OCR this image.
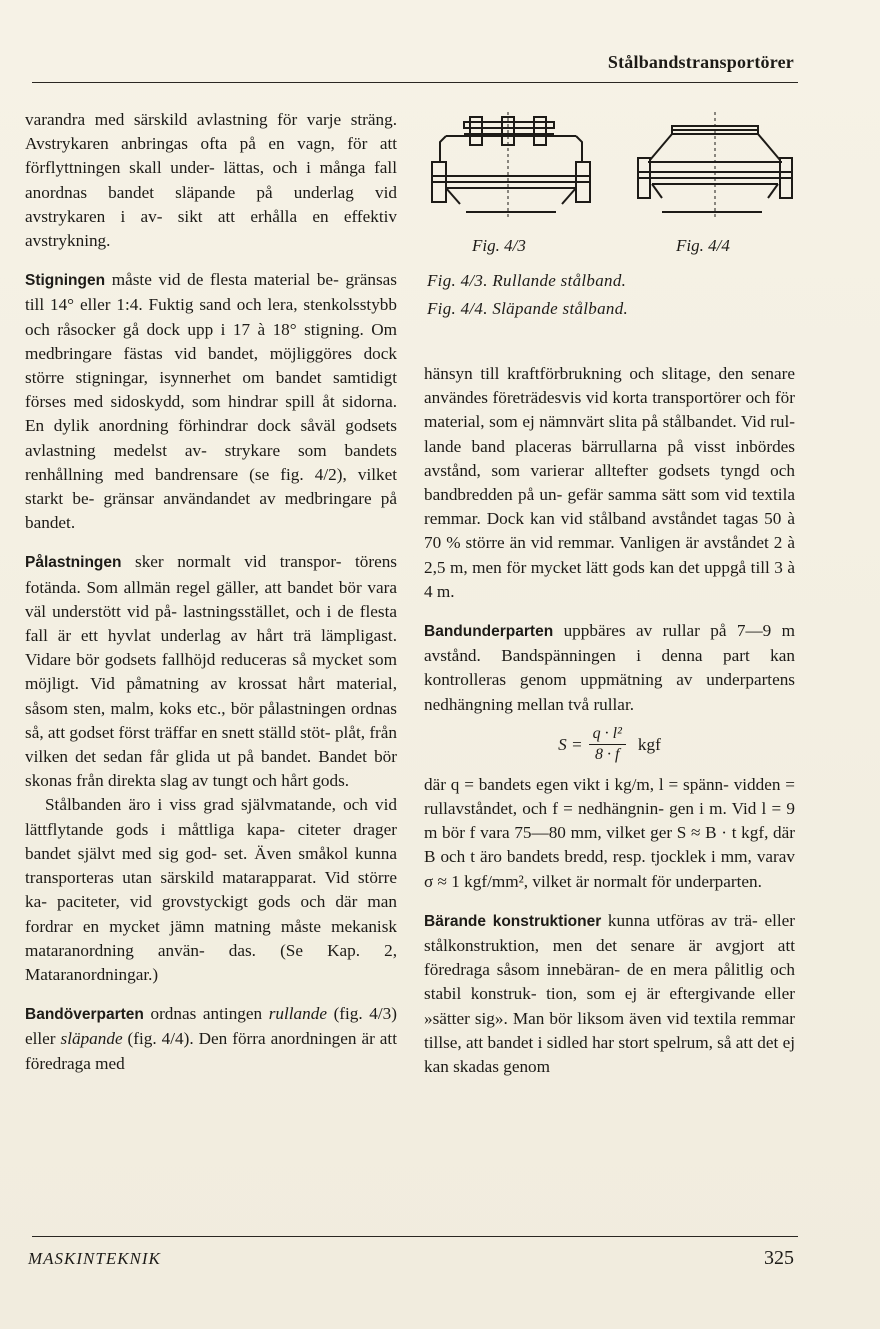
Stålbandstransportörer

varandra med särskild avlastning för varje sträng. Avstrykaren anbringas ofta på en vagn, för att förflyttningen skall under- lättas, och i många fall anordnas bandet släpande på underlag vid avstrykaren i av- sikt att erhålla en effektiv avstrykning.

Stigningen måste vid de flesta material be- gränsas till 14° eller 1:4. Fuktig sand och lera, stenkolsstybb och råsocker gå dock upp i 17 à 18° stigning. Om medbringare fästas vid bandet, möjliggöres dock större stigningar, isynnerhet om bandet samtidigt förses med sidoskydd, som hindrar spill åt sidorna. En dylik anordning förhindrar dock såväl godsets avlastning medelst av- strykare som bandets renhållning med bandrensare (se fig. 4/2), vilket starkt be- gränsar användandet av medbringare på bandet.

Pålastningen sker normalt vid transpor- törens fotända. Som allmän regel gäller, att bandet bör vara väl understött vid på- lastningsstället, och i de flesta fall är ett hyvlat underlag av hårt trä lämpligast. Vidare bör godsets fallhöjd reduceras så mycket som möjligt. Vid påmatning av krossat hårt material, såsom sten, malm, koks etc., bör pålastningen ordnas så, att godset först träffar en snett ställd stöt- plåt, från vilken det sedan får glida ut på bandet. Bandet bör skonas från direkta slag av tungt och hårt gods.

Stålbanden äro i viss grad självmatande, och vid lättflytande gods i måttliga kapa- citeter drager bandet självt med sig god- set. Även småkol kunna transporteras utan särskild matarapparat. Vid större ka- paciteter, vid grovstyckigt gods och där man fordrar en mycket jämn matning måste mekanisk mataranordning använ- das. (Se Kap. 2, Mataranordningar.)

Bandöverparten ordnas antingen rullande (fig. 4/3) eller släpande (fig. 4/4). Den förra anordningen är att föredraga med

Fig. 4/3	Fig. 4/4
Fig. 4/3. Rullande stålband.
Fig. 4/4. Släpande stålband.

hänsyn till kraftförbrukning och slitage, den senare användes företrädesvis vid korta transportörer och för material, som ej nämnvärt slita på stålbandet. Vid rul- lande band placeras bärrullarna på visst inbördes avstånd, som varierar alltefter godsets tyngd och bandbredden på un- gefär samma sätt som vid textila remmar. Dock kan vid stålband avståndet tagas 50 à 70 % större än vid remmar. Vanligen är avståndet 2 à 2,5 m, men för mycket lätt gods kan det uppgå till 3 à 4 m.

Bandunderparten uppbäres av rullar på 7—9 m avstånd. Bandspänningen i denna part kan kontrolleras genom uppmätning av underpartens nedhängning mellan två rullar.

$S = \frac{\text{q · l²}}{8 \cdot f}$ kgf

där q = bandets egen vikt i kg/m, l = spänn- vidden = rullavståndet, och f = nedhängnin- gen i m. Vid l = 9 m bör f vara 75—80 mm, vilket ger S ≈ B · t kgf, där B och t äro bandets bredd, resp. tjocklek i mm, varav σ ≈ 1 kgf/mm², vilket är normalt för underparten.

Bärande konstruktioner kunna utföras av trä- eller stålkonstruktion, men det senare är avgjort att föredraga såsom innebäran- de en mera pålitlig och stabil konstruk- tion, som ej är eftergivande eller »sätter sig». Man bör liksom även vid textila remmar tillse, att bandet i sidled har stort spelrum, så att det ej kan skadas genom

MASKINTEKNIK	325
